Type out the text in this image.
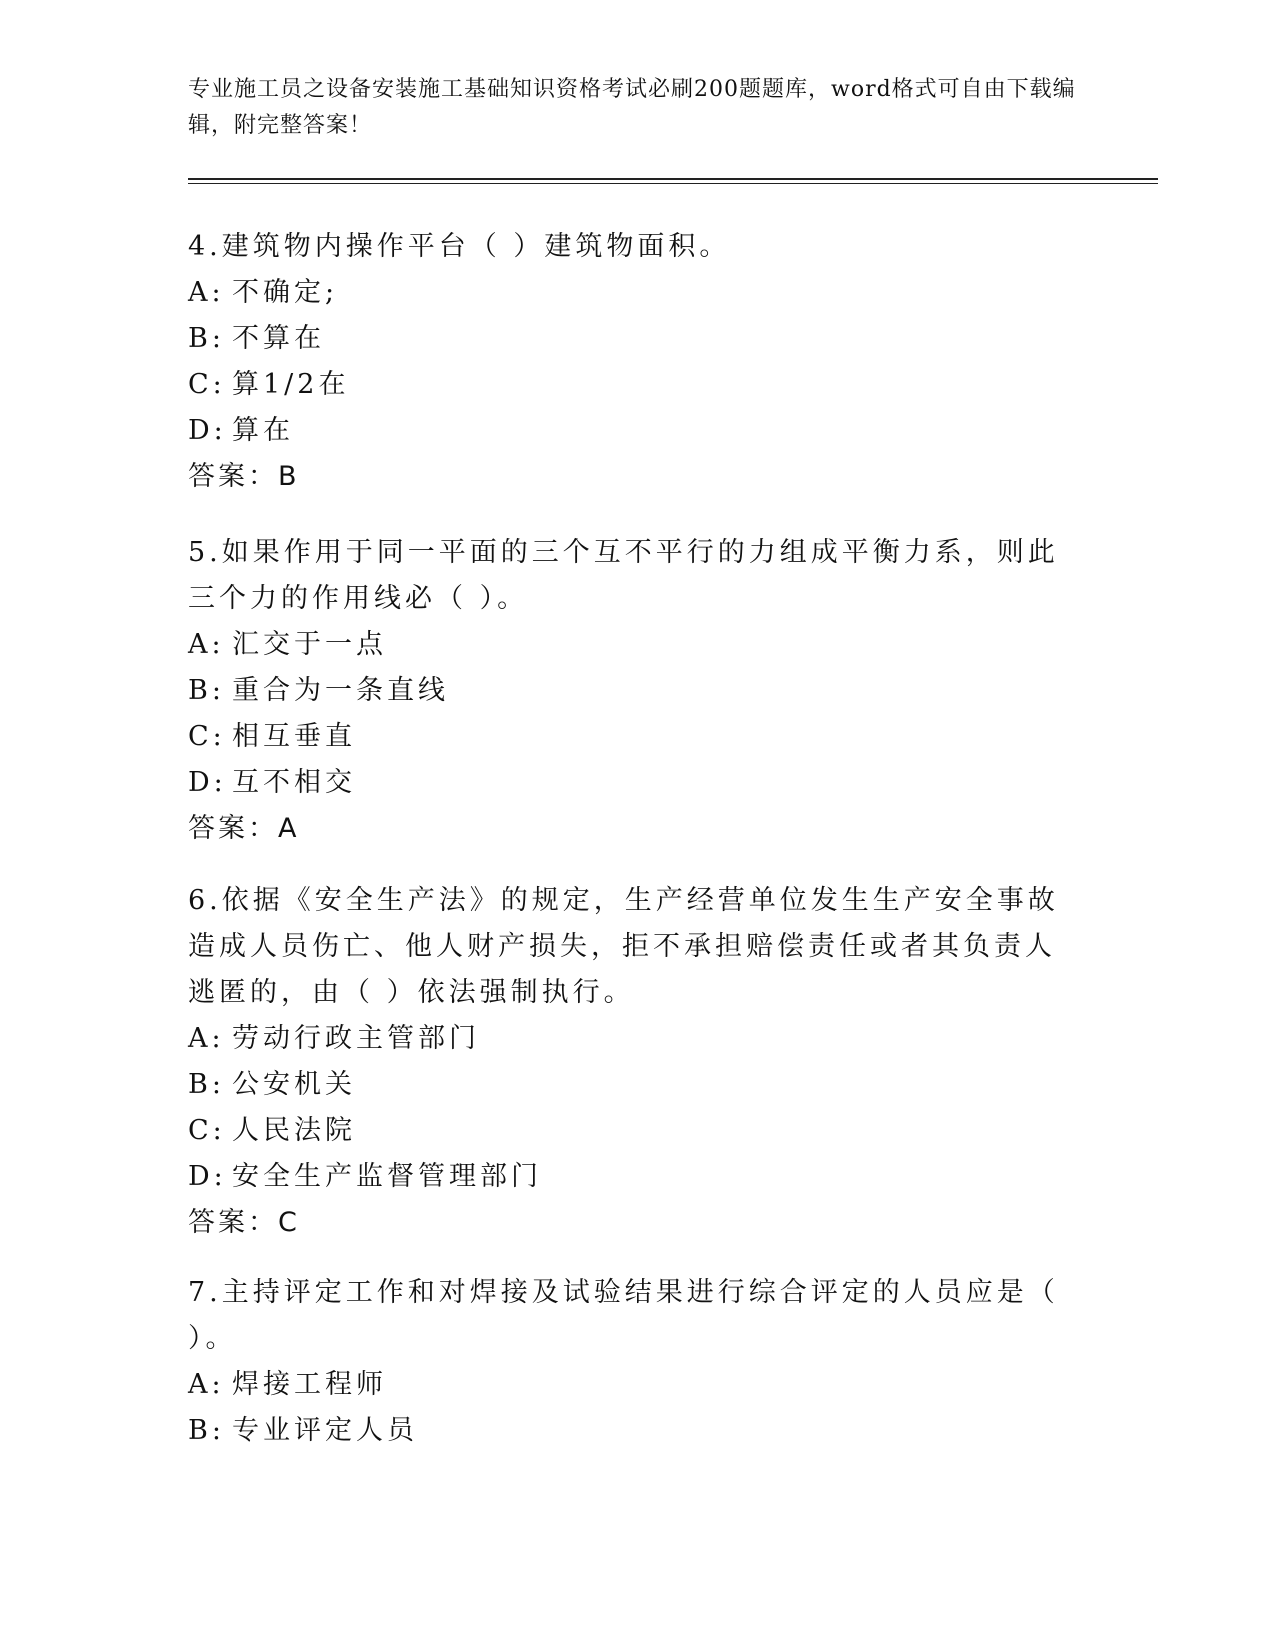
专业施工员之设备安装施工基础知识资格考试必刷200题题库，word格式可自由下载编辑，附完整答案！
4.建筑物内操作平台（ ）建筑物面积。
A: 不确定;
B: 不算在
C: 算1/2在
D: 算在
答案：B
5.如果作用于同一平面的三个互不平行的力组成平衡力系，则此三个力的作用线必（ ）。
A: 汇交于一点
B: 重合为一条直线
C: 相互垂直
D: 互不相交
答案：A
6.依据《安全生产法》的规定，生产经营单位发生生产安全事故造成人员伤亡、他人财产损失，拒不承担赔偿责任或者其负责人逃匿的，由（ ）依法强制执行。
A: 劳动行政主管部门
B: 公安机关
C: 人民法院
D: 安全生产监督管理部门
答案：C
7.主持评定工作和对焊接及试验结果进行综合评定的人员应是（ ）。
A: 焊接工程师
B: 专业评定人员
